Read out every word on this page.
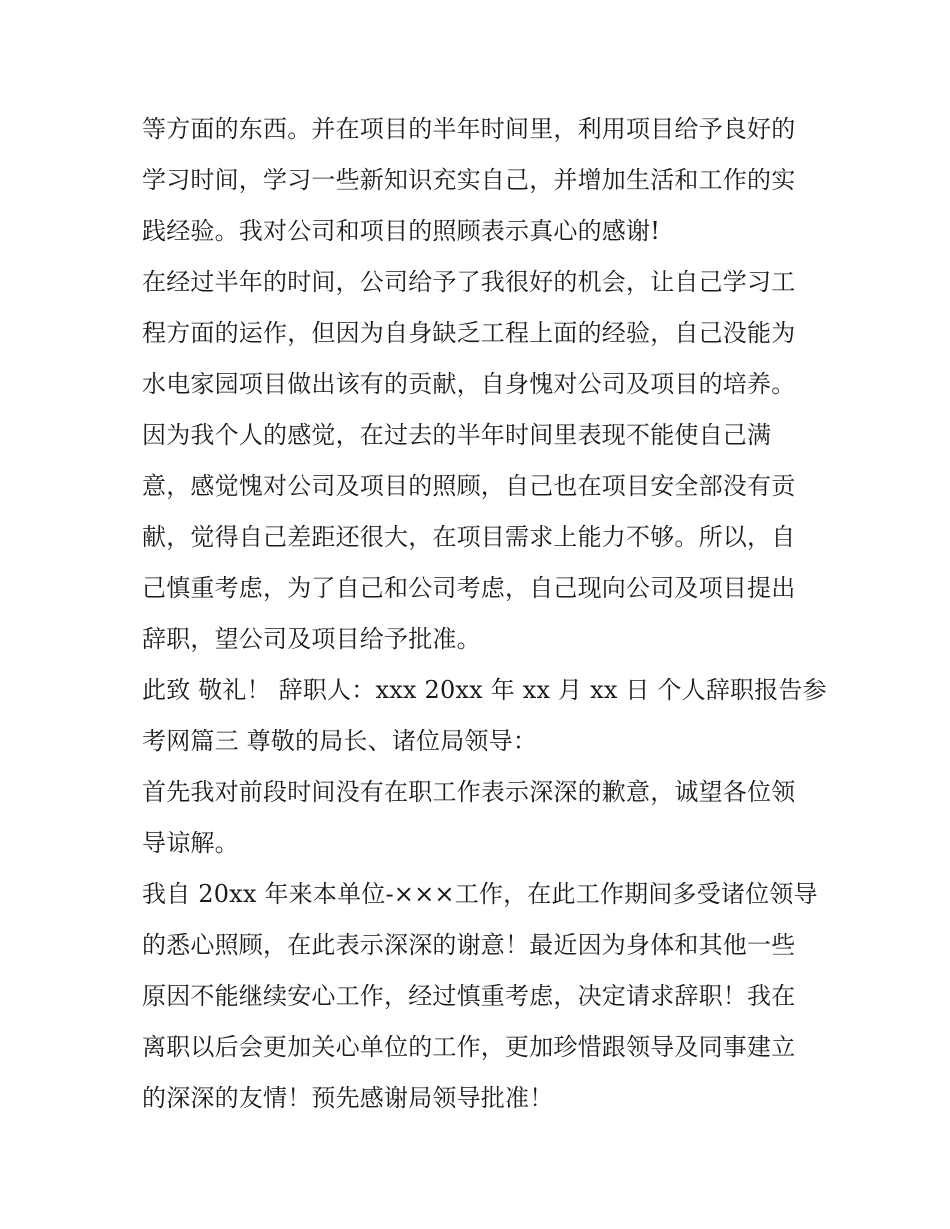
等方面的东西。并在项目的半年时间里，利用项目给予良好的
学习时间，学习一些新知识充实自己，并增加生活和工作的实
践经验。我对公司和项目的照顾表示真心的感谢!
在经过半年的时间，公司给予了我很好的机会，让自己学习工
程方面的运作，但因为自身缺乏工程上面的经验，自己没能为
水电家园项目做出该有的贡献，自身愧对公司及项目的培养。
因为我个人的感觉，在过去的半年时间里表现不能使自己满
意，感觉愧对公司及项目的照顾，自己也在项目安全部没有贡
献，觉得自己差距还很大，在项目需求上能力不够。所以，自
己慎重考虑，为了自己和公司考虑，自己现向公司及项目提出
辞职，望公司及项目给予批准。
此致 敬礼！ 辞职人：xxx 20xx 年 xx 月 xx 日 个人辞职报告参
考网篇三 尊敬的局长、诸位局领导：
首先我对前段时间没有在职工作表示深深的歉意，诚望各位领
导谅解。
我自 20xx 年来本单位-×××工作，在此工作期间多受诸位领导
的悉心照顾，在此表示深深的谢意！最近因为身体和其他一些
原因不能继续安心工作，经过慎重考虑，决定请求辞职！我在
离职以后会更加关心单位的工作，更加珍惜跟领导及同事建立
的深深的友情！预先感谢局领导批准！
